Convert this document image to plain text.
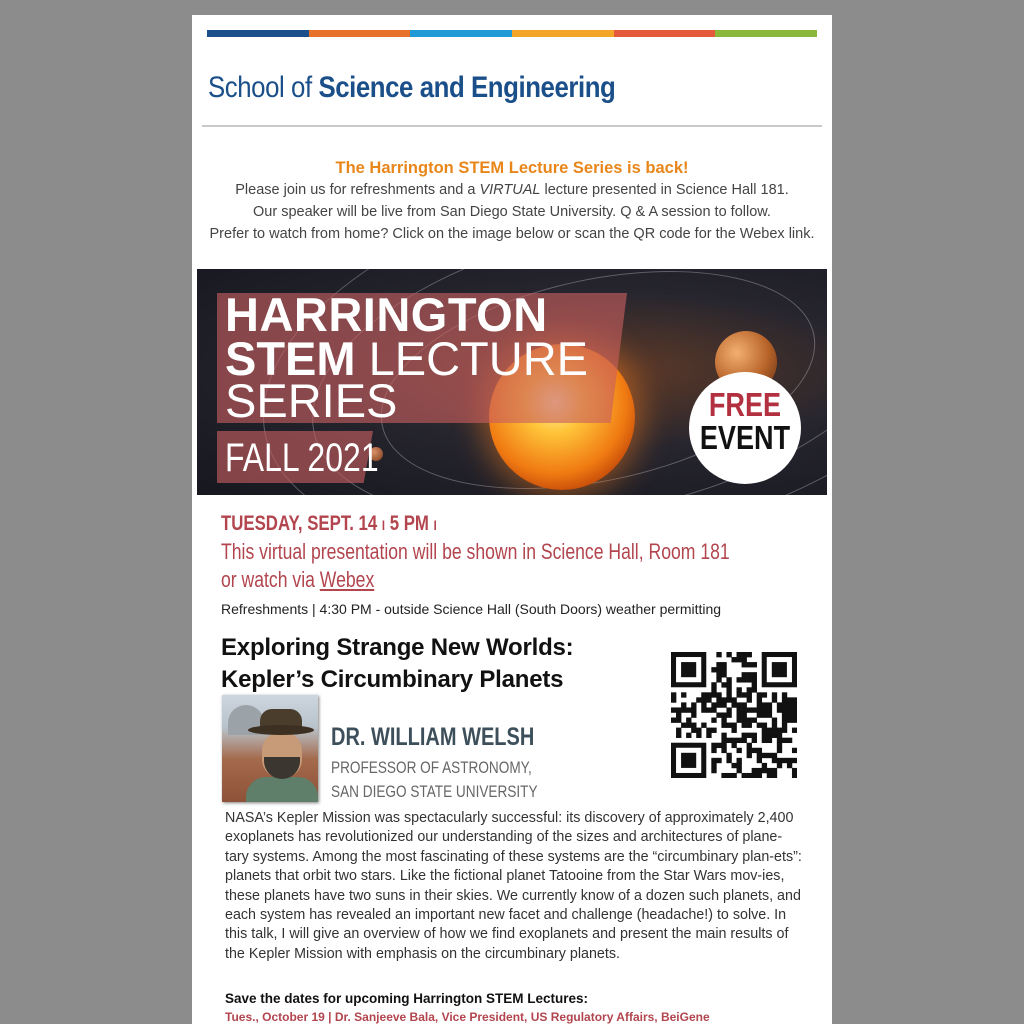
School of Science and Engineering
The Harrington STEM Lecture Series is back!
Please join us for refreshments and a VIRTUAL lecture presented in Science Hall 181.
Our speaker will be live from San Diego State University. Q & A session to follow.
Prefer to watch from home? Click on the image below or scan the QR code for the Webex link.
HARRINGTON
STEM LECTURE
SERIES
FALL 2021
FREE
EVENT
TUESDAY, SEPT. 14 I 5 PM I
This virtual presentation will be shown in Science Hall, Room 181
or watch via Webex
Refreshments | 4:30 PM - outside Science Hall (South Doors) weather permitting
Exploring Strange New Worlds:
Kepler’s Circumbinary Planets
DR. WILLIAM WELSH
PROFESSOR OF ASTRONOMY,
SAN DIEGO STATE UNIVERSITY

NASA’s Kepler Mission was spectacularly successful: its discovery of approximately 2,400 exoplanets has revolutionized our understanding of the sizes and architectures of plane-tary systems. Among the most fascinating of these systems are the “circumbinary plan-ets”: planets that orbit two stars. Like the fictional planet Tatooine from the Star Wars mov-ies, these planets have two suns in their skies. We currently know of a dozen such planets, and each system has revealed an important new facet and challenge (headache!) to solve. In this talk, I will give an overview of how we find exoplanets and present the main results of the Kepler Mission with emphasis on the circumbinary planets.

Save the dates for upcoming Harrington STEM Lectures:
Tues., October 19 | Dr. Sanjeeve Bala, Vice President, US Regulatory Affairs, BeiGene
